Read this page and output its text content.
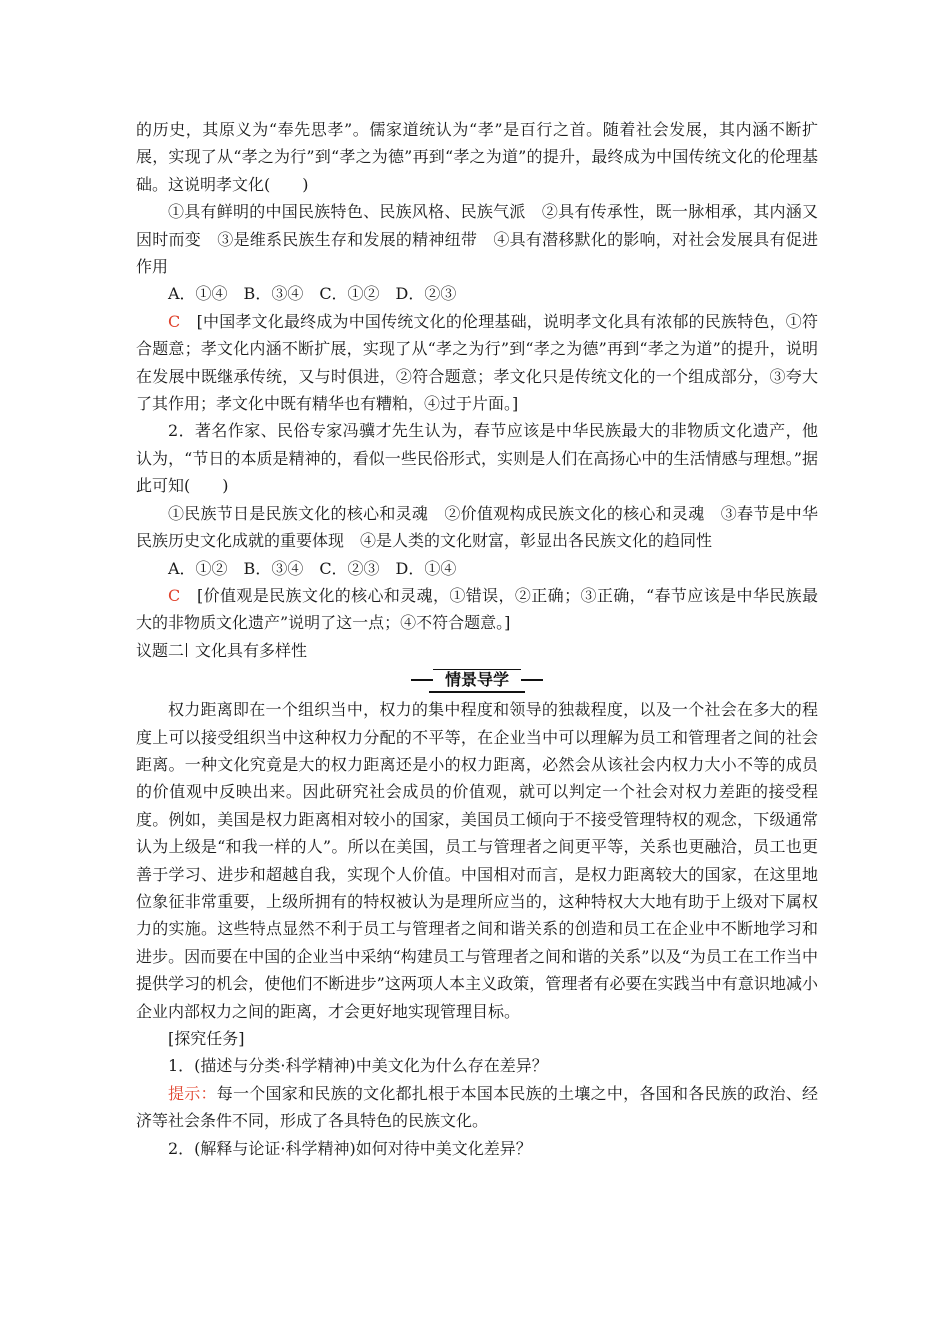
的历史，其原义为“奉先思孝”。儒家道统认为“孝”是百行之首。随着社会发展，其内涵不断扩展，实现了从“孝之为行”到“孝之为德”再到“孝之为道”的提升，最终成为中国传统文化的伦理基础。这说明孝文化(　　)

①具有鲜明的中国民族特色、民族风格、民族气派　②具有传承性，既一脉相承，其内涵又因时而变　③是维系民族生存和发展的精神纽带　④具有潜移默化的影响，对社会发展具有促进作用

A．①④　B．③④　C．①②　D．②③

C　[中国孝文化最终成为中国传统文化的伦理基础，说明孝文化具有浓郁的民族特色，①符合题意；孝文化内涵不断扩展，实现了从“孝之为行”到“孝之为德”再到“孝之为道”的提升，说明在发展中既继承传统，又与时俱进，②符合题意；孝文化只是传统文化的一个组成部分，③夸大了其作用；孝文化中既有精华也有糟粕，④过于片面。]

2．著名作家、民俗专家冯骥才先生认为，春节应该是中华民族最大的非物质文化遗产，他认为，“节日的本质是精神的，看似一些民俗形式，实则是人们在高扬心中的生活情感与理想。”据此可知(　　)

①民族节日是民族文化的核心和灵魂　②价值观构成民族文化的核心和灵魂　③春节是中华民族历史文化成就的重要体现　④是人类的文化财富，彰显出各民族文化的趋同性

A．①②　B．③④　C．②③　D．①④

C　[价值观是民族文化的核心和灵魂，①错误，②正确；③正确，“春节应该是中华民族最大的非物质文化遗产”说明了这一点；④不符合题意。]

议题二 文化具有多样性

情景导学

权力距离即在一个组织当中，权力的集中程度和领导的独裁程度，以及一个社会在多大的程度上可以接受组织当中这种权力分配的不平等，在企业当中可以理解为员工和管理者之间的社会距离。一种文化究竟是大的权力距离还是小的权力距离，必然会从该社会内权力大小不等的成员的价值观中反映出来。因此研究社会成员的价值观，就可以判定一个社会对权力差距的接受程度。例如，美国是权力距离相对较小的国家，美国员工倾向于不接受管理特权的观念，下级通常认为上级是“和我一样的人”。所以在美国，员工与管理者之间更平等，关系也更融洽，员工也更善于学习、进步和超越自我，实现个人价值。中国相对而言，是权力距离较大的国家，在这里地位象征非常重要，上级所拥有的特权被认为是理所应当的，这种特权大大地有助于上级对下属权力的实施。这些特点显然不利于员工与管理者之间和谐关系的创造和员工在企业中不断地学习和进步。因而要在中国的企业当中采纳“构建员工与管理者之间和谐的关系”以及“为员工在工作当中提供学习的机会，使他们不断进步”这两项人本主义政策，管理者有必要在实践当中有意识地减小企业内部权力之间的距离，才会更好地实现管理目标。

[探究任务]

1．(描述与分类·科学精神)中美文化为什么存在差异？

提示：每一个国家和民族的文化都扎根于本国本民族的土壤之中，各国和各民族的政治、经济等社会条件不同，形成了各具特色的民族文化。

2．(解释与论证·科学精神)如何对待中美文化差异？
